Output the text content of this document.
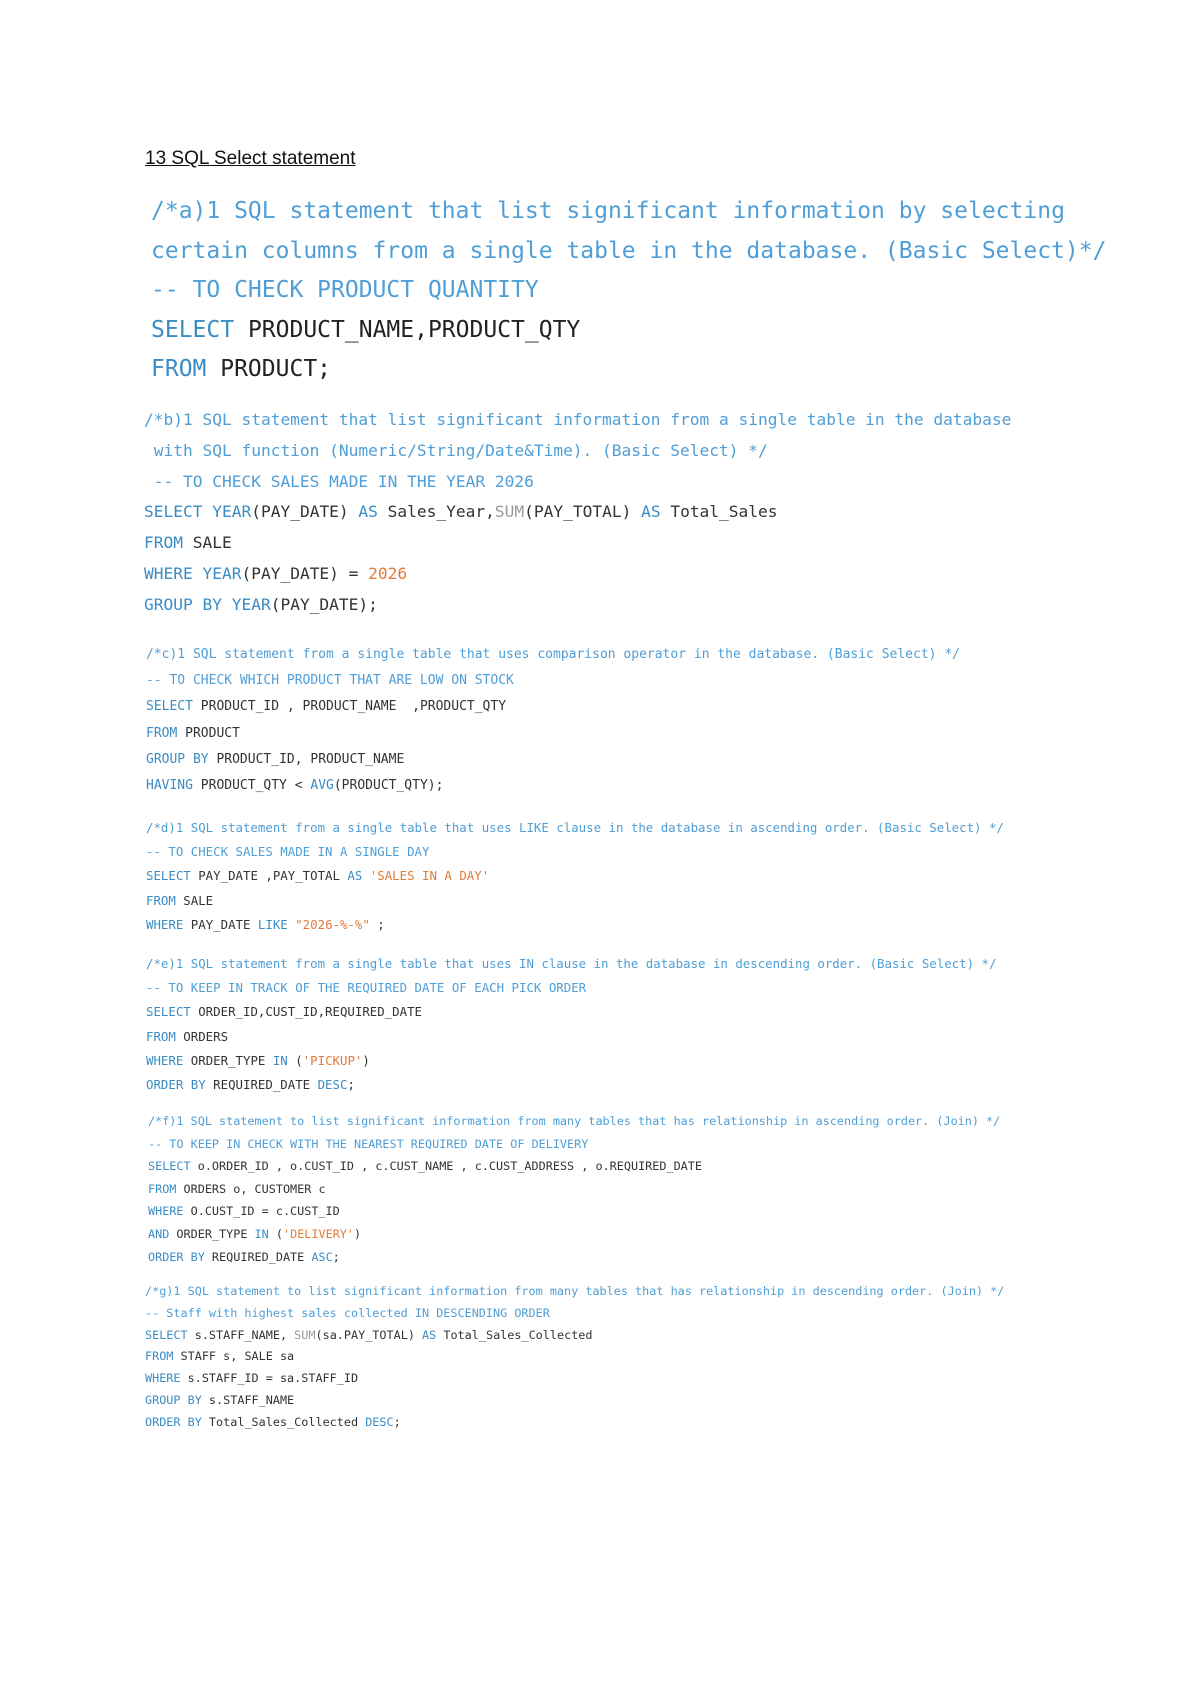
13 SQL Select statement
/*a)1 SQL statement that list significant information by selecting
certain columns from a single table in the database. (Basic Select)*/
-- TO CHECK PRODUCT QUANTITY
SELECT PRODUCT_NAME,PRODUCT_QTY
FROM PRODUCT;
/*b)1 SQL statement that list significant information from a single table in the database
with SQL function (Numeric/String/Date&Time). (Basic Select) */
-- TO CHECK SALES MADE IN THE YEAR 2026
SELECT YEAR(PAY_DATE) AS Sales_Year,SUM(PAY_TOTAL) AS Total_Sales
FROM SALE
WHERE YEAR(PAY_DATE) = 2026
GROUP BY YEAR(PAY_DATE);
/*c)1 SQL statement from a single table that uses comparison operator in the database. (Basic Select) */
-- TO CHECK WHICH PRODUCT THAT ARE LOW ON STOCK
SELECT PRODUCT_ID , PRODUCT_NAME  ,PRODUCT_QTY
FROM PRODUCT
GROUP BY PRODUCT_ID, PRODUCT_NAME
HAVING PRODUCT_QTY < AVG(PRODUCT_QTY);
/*d)1 SQL statement from a single table that uses LIKE clause in the database in ascending order. (Basic Select) */
-- TO CHECK SALES MADE IN A SINGLE DAY
SELECT PAY_DATE ,PAY_TOTAL AS 'SALES IN A DAY'
FROM SALE
WHERE PAY_DATE LIKE "2026-%-%" ;
/*e)1 SQL statement from a single table that uses IN clause in the database in descending order. (Basic Select) */
-- TO KEEP IN TRACK OF THE REQUIRED DATE OF EACH PICK ORDER
SELECT ORDER_ID,CUST_ID,REQUIRED_DATE
FROM ORDERS
WHERE ORDER_TYPE IN ('PICKUP')
ORDER BY REQUIRED_DATE DESC;
/*f)1 SQL statement to list significant information from many tables that has relationship in ascending order. (Join) */
-- TO KEEP IN CHECK WITH THE NEAREST REQUIRED DATE OF DELIVERY
SELECT o.ORDER_ID , o.CUST_ID , c.CUST_NAME , c.CUST_ADDRESS , o.REQUIRED_DATE
FROM ORDERS o, CUSTOMER c
WHERE O.CUST_ID = c.CUST_ID
AND ORDER_TYPE IN ('DELIVERY')
ORDER BY REQUIRED_DATE ASC;
/*g)1 SQL statement to list significant information from many tables that has relationship in descending order. (Join) */
-- Staff with highest sales collected IN DESCENDING ORDER
SELECT s.STAFF_NAME, SUM(sa.PAY_TOTAL) AS Total_Sales_Collected
FROM STAFF s, SALE sa
WHERE s.STAFF_ID = sa.STAFF_ID
GROUP BY s.STAFF_NAME
ORDER BY Total_Sales_Collected DESC;
